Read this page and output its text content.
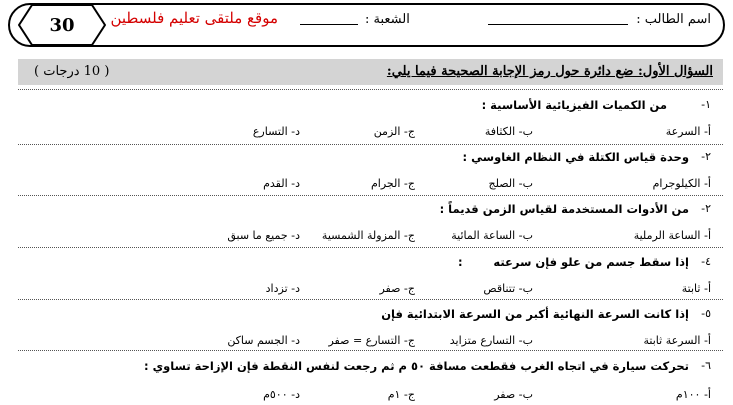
30	موقع ملتقى تعليم فلسطين	الشعبة :	اسم الطالب :
السؤال الأول: ضع دائرة حول رمز الإجابة الصحيحة فيما يلي:
( 10 درجات )
١-
من الكميات الفيزيائية الأساسية :
أ- السرعة
ب- الكثافة
ج- الزمن
د- التسارع
٢-
وحدة قياس الكتلة في النظام الغاوسي :
أ- الكيلوجرام
ب- الصلج
ج- الجرام
د- القدم
٢-
من الأدوات المستخدمة لقياس الزمن قديماً :
أ- الساعة الرملية
ب- الساعة المائية
ج- المزولة الشمسية
د- جميع ما سبق
٤-
إذا سقط جسم من علو فإن سرعته
:
أ- ثابتة
ب- تتناقص
ج- صفر
د- تزداد
٥-
إذا كانت السرعة النهائية أكبر من السرعة الابتدائية فإن
أ- السرعة ثابتة
ب- التسارع متزايد
ج- التسارع = صفر
د- الجسم ساكن
٦-
تحركت سيارة في اتجاه الغرب فقطعت مسافة ٥٠ م ثم رجعت لنفس النقطة فإن الإزاحة تساوي :
أ- ١٠٠م
ب- صفر
ج- ١م
د- ٥٠٠م
